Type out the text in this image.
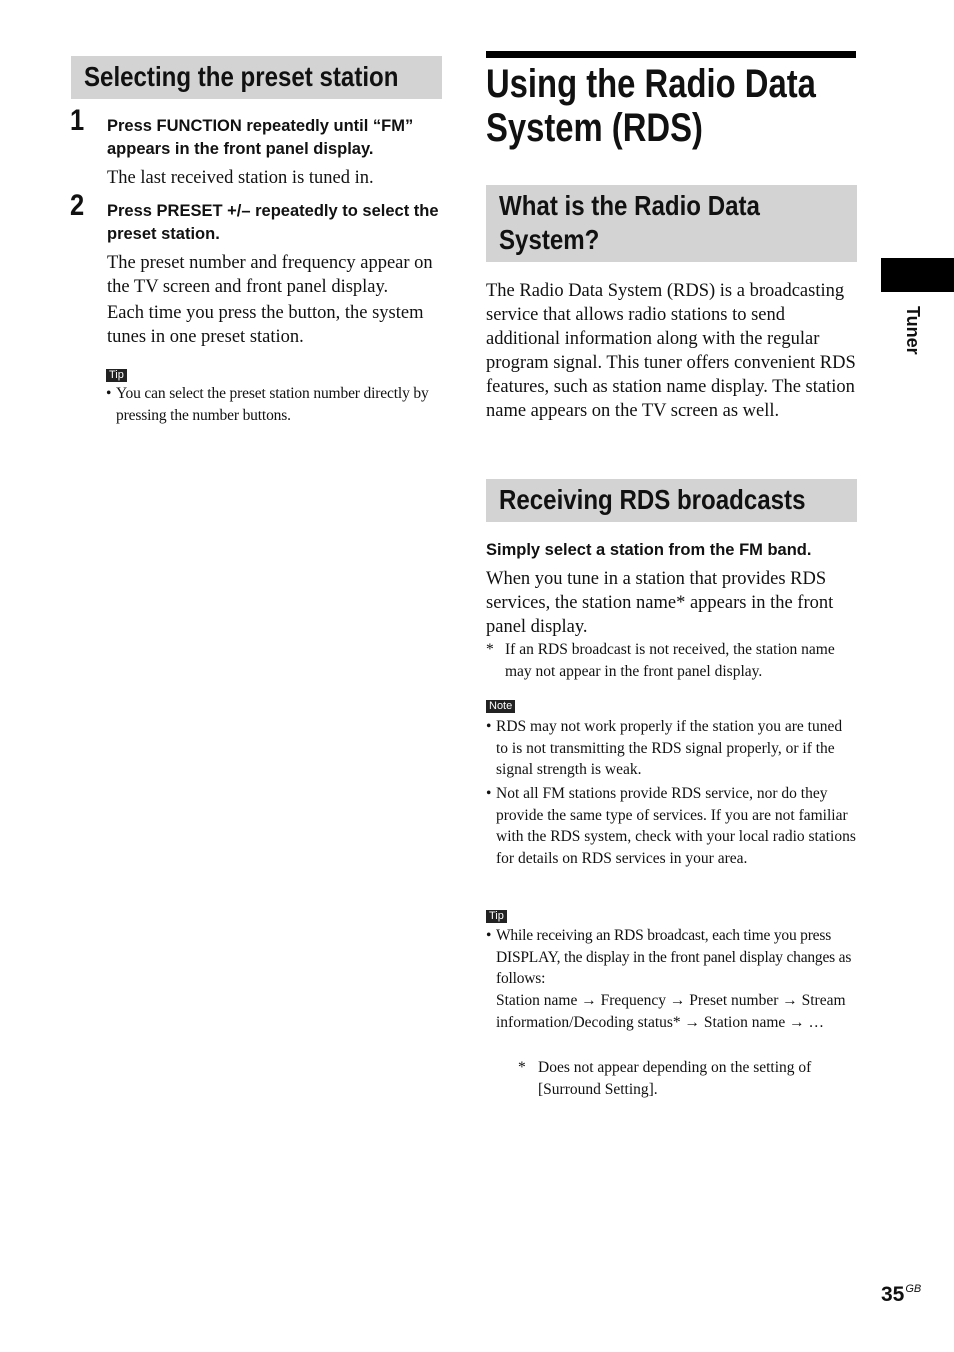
Selecting the preset station
1 Press FUNCTION repeatedly until “FM” appears in the front panel display.
The last received station is tuned in.
2 Press PRESET +/– repeatedly to select the preset station.
The preset number and frequency appear on the TV screen and front panel display.
Each time you press the button, the system tunes in one preset station.
Tip
• You can select the preset station number directly by pressing the number buttons.
Using the Radio Data
System (RDS)
What is the Radio Data
System?
The Radio Data System (RDS) is a broadcasting service that allows radio stations to send additional information along with the regular program signal. This tuner offers convenient RDS features, such as station name display. The station name appears on the TV screen as well.
Receiving RDS broadcasts
Simply select a station from the FM band.
When you tune in a station that provides RDS services, the station name* appears in the front panel display.
* If an RDS broadcast is not received, the station name may not appear in the front panel display.
Note
• RDS may not work properly if the station you are tuned to is not transmitting the RDS signal properly, or if the signal strength is weak.
• Not all FM stations provide RDS service, nor do they provide the same type of services. If you are not familiar with the RDS system, check with your local radio stations for details on RDS services in your area.
Tip
• While receiving an RDS broadcast, each time you press DISPLAY, the display in the front panel display changes as follows:
Station name → Frequency → Preset number → Stream information/Decoding status* → Station name → …
* Does not appear depending on the setting of [Surround Setting].
Tuner
$35^{GB}$
